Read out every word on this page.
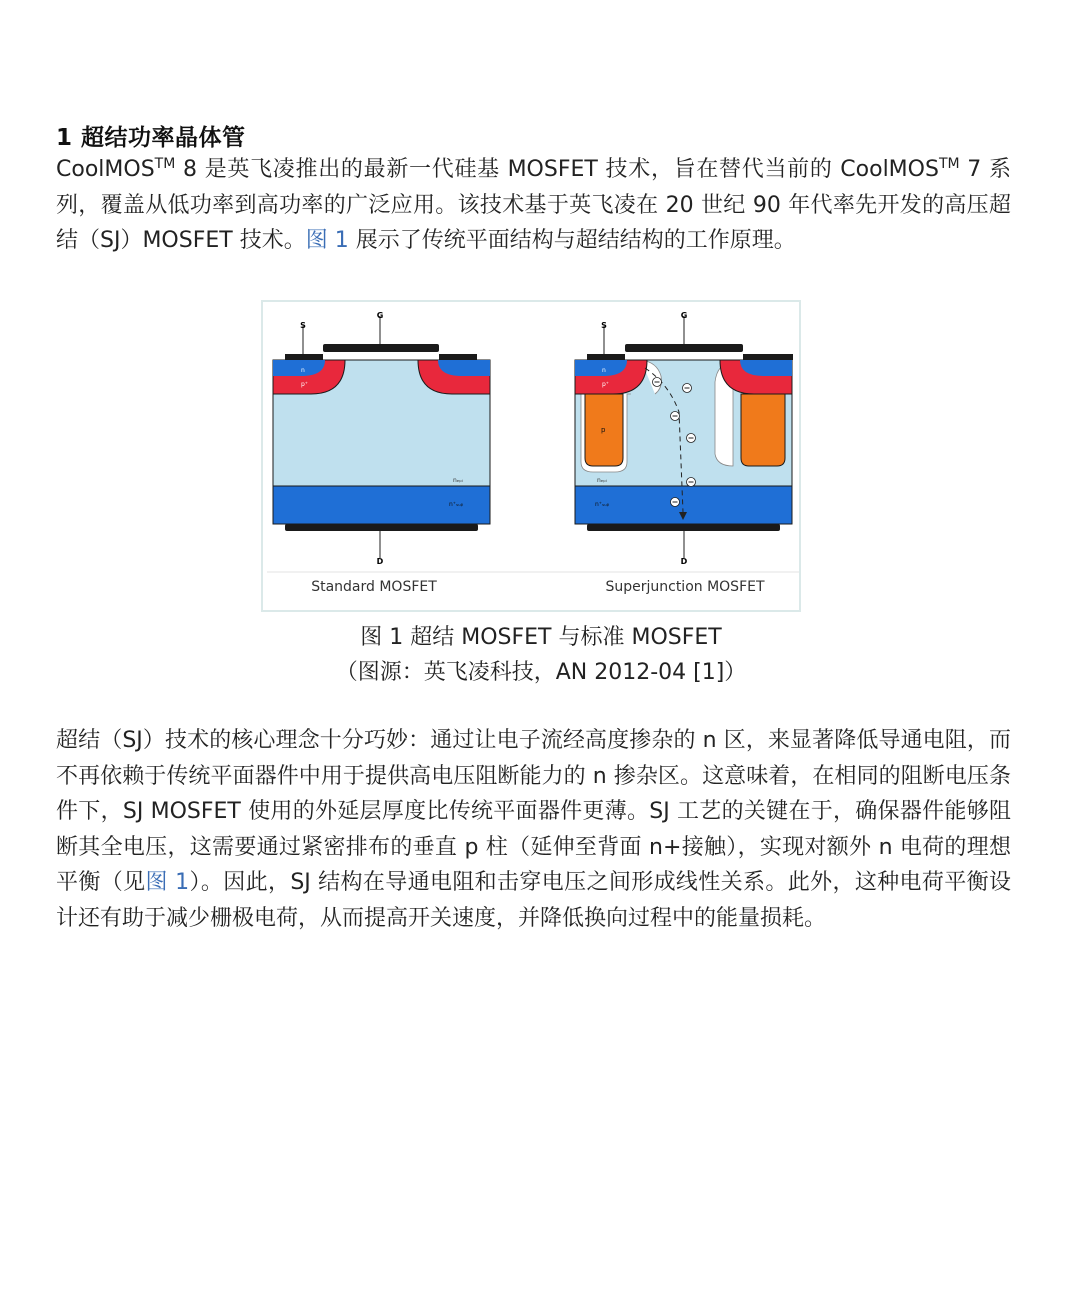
1 超结功率晶体管
CoolMOS™ 8 是英飞凌推出的最新一代硅基 MOSFET 技术，旨在替代当前的 CoolMOS™ 7 系列，覆盖从低功率到高功率的广泛应用。该技术基于英飞凌在 20 世纪 90 年代率先开发的高压超结（SJ）MOSFET 技术。图 1 展示了传统平面结构与超结结构的工作原理。
S
G
n
p⁺
nₑₚᵢ
n⁺ₛᵤᵦ
D
Standard MOSFET
S
G
n
p⁺
p
nₑₚᵢ
n⁺ₛᵤᵦ
D
Superjunction MOSFET
图 1 超结 MOSFET 与标准 MOSFET
（图源：英飞凌科技，AN 2012-04 [1]）
超结（SJ）技术的核心理念十分巧妙：通过让电子流经高度掺杂的 n 区，来显著降低导通电阻，而不再依赖于传统平面器件中用于提供高电压阻断能力的 n 掺杂区。这意味着，在相同的阻断电压条件下，SJ MOSFET 使用的外延层厚度比传统平面器件更薄。SJ 工艺的关键在于，确保器件能够阻断其全电压，这需要通过紧密排布的垂直 p 柱（延伸至背面 n+接触），实现对额外 n 电荷的理想平衡（见图 1）。因此，SJ 结构在导通电阻和击穿电压之间形成线性关系。此外，这种电荷平衡设计还有助于减少栅极电荷，从而提高开关速度，并降低换向过程中的能量损耗。
